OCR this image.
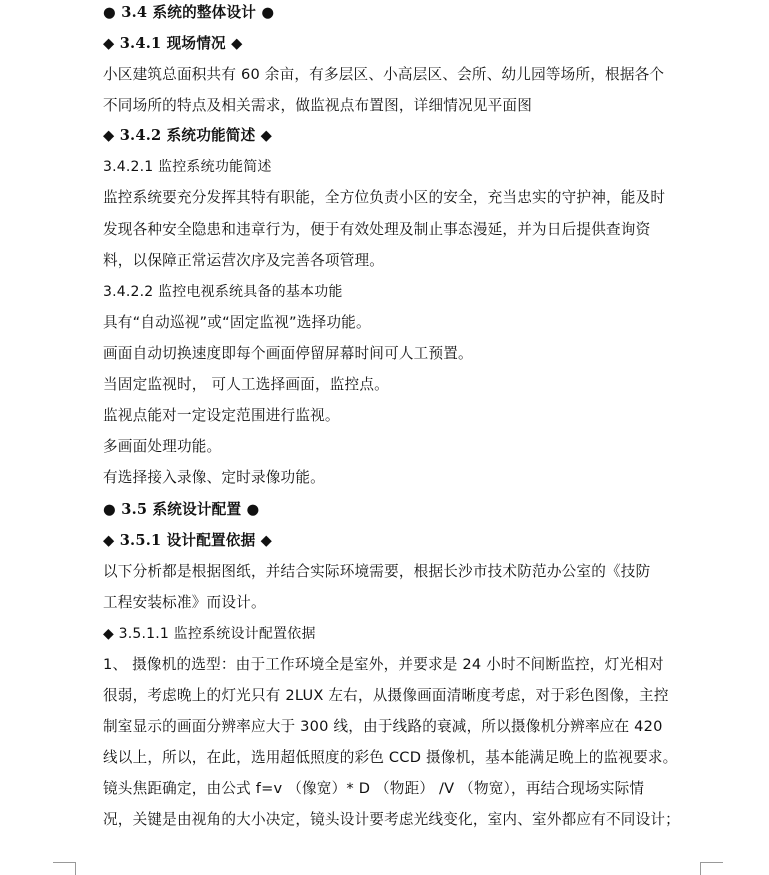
● 3.4 系统的整体设计 ●
◆ 3.4.1 现场情况 ◆
小区建筑总面积共有 60 余亩，有多层区、小高层区、会所、幼儿园等场所，根据各个
不同场所的特点及相关需求，做监视点布置图，详细情况见平面图
◆ 3.4.2 系统功能简述 ◆
3.4.2.1 监控系统功能简述
监控系统要充分发挥其特有职能，全方位负责小区的安全，充当忠实的守护神，能及时
发现各种安全隐患和违章行为，便于有效处理及制止事态漫延，并为日后提供查询资
料，以保障正常运营次序及完善各项管理。
3.4.2.2 监控电视系统具备的基本功能
具有“自动巡视”或“固定监视”选择功能。
画面自动切换速度即每个画面停留屏幕时间可人工预置。
当固定监视时， 可人工选择画面，监控点。
监视点能对一定设定范围进行监视。
多画面处理功能。
有选择接入录像、定时录像功能。
● 3.5 系统设计配置 ●
◆ 3.5.1 设计配置依据 ◆
以下分析都是根据图纸，并结合实际环境需要，根据长沙市技术防范办公室的《技防
工程安装标准》而设计。
◆ 3.5.1.1 监控系统设计配置依据
1、 摄像机的选型：由于工作环境全是室外，并要求是 24 小时不间断监控，灯光相对
很弱，考虑晚上的灯光只有 2LUX 左右，从摄像画面清晰度考虑，对于彩色图像，主控
制室显示的画面分辨率应大于 300 线，由于线路的衰减，所以摄像机分辨率应在 420
线以上，所以，在此，选用超低照度的彩色 CCD 摄像机，基本能满足晚上的监视要求。
镜头焦距确定，由公式 f=v （像宽）* D （物距） /V （物宽），再结合现场实际情
况，关键是由视角的大小决定，镜头设计要考虑光线变化，室内、室外都应有不同设计；
